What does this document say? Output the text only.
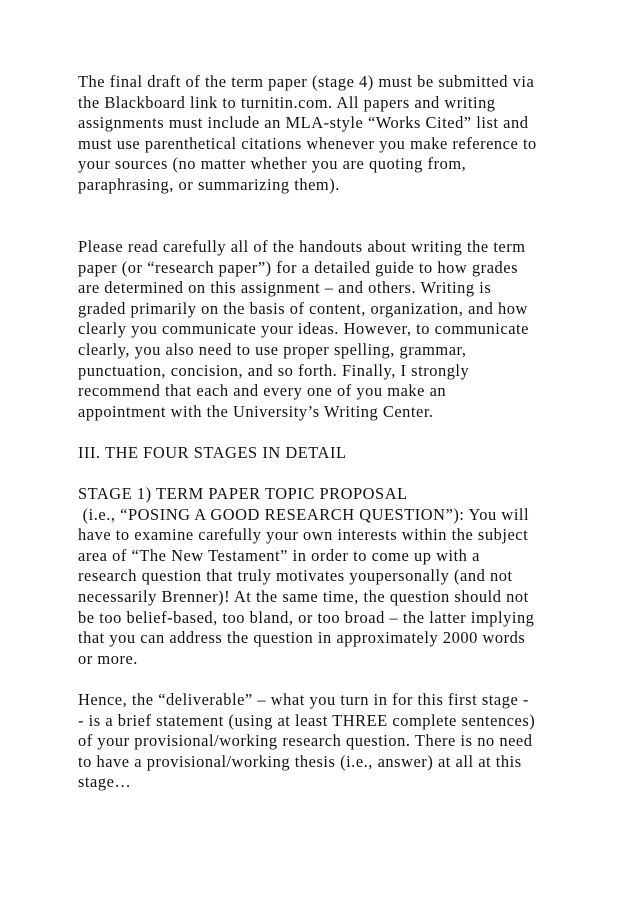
The final draft of the term paper (stage 4) must be submitted via
the Blackboard link to turnitin.com. All papers and writing
assignments must include an MLA-style “Works Cited” list and
must use parenthetical citations whenever you make reference to
your sources (no matter whether you are quoting from,
paraphrasing, or summarizing them).
Please read carefully all of the handouts about writing the term
paper (or “research paper”) for a detailed guide to how grades
are determined on this assignment – and others. Writing is
graded primarily on the basis of content, organization, and how
clearly you communicate your ideas. However, to communicate
clearly, you also need to use proper spelling, grammar,
punctuation, concision, and so forth. Finally, I strongly
recommend that each and every one of you make an
appointment with the University’s Writing Center.
III. THE FOUR STAGES IN DETAIL
STAGE 1) TERM PAPER TOPIC PROPOSAL
(i.e., “POSING A GOOD RESEARCH QUESTION”): You will
have to examine carefully your own interests within the subject
area of “The New Testament” in order to come up with a
research question that truly motivates youpersonally (and not
necessarily Brenner)! At the same time, the question should not
be too belief-based, too bland, or too broad – the latter implying
that you can address the question in approximately 2000 words
or more.
Hence, the “deliverable” – what you turn in for this first stage -
- is a brief statement (using at least THREE complete sentences)
of your provisional/working research question. There is no need
to have a provisional/working thesis (i.e., answer) at all at this
stage…
